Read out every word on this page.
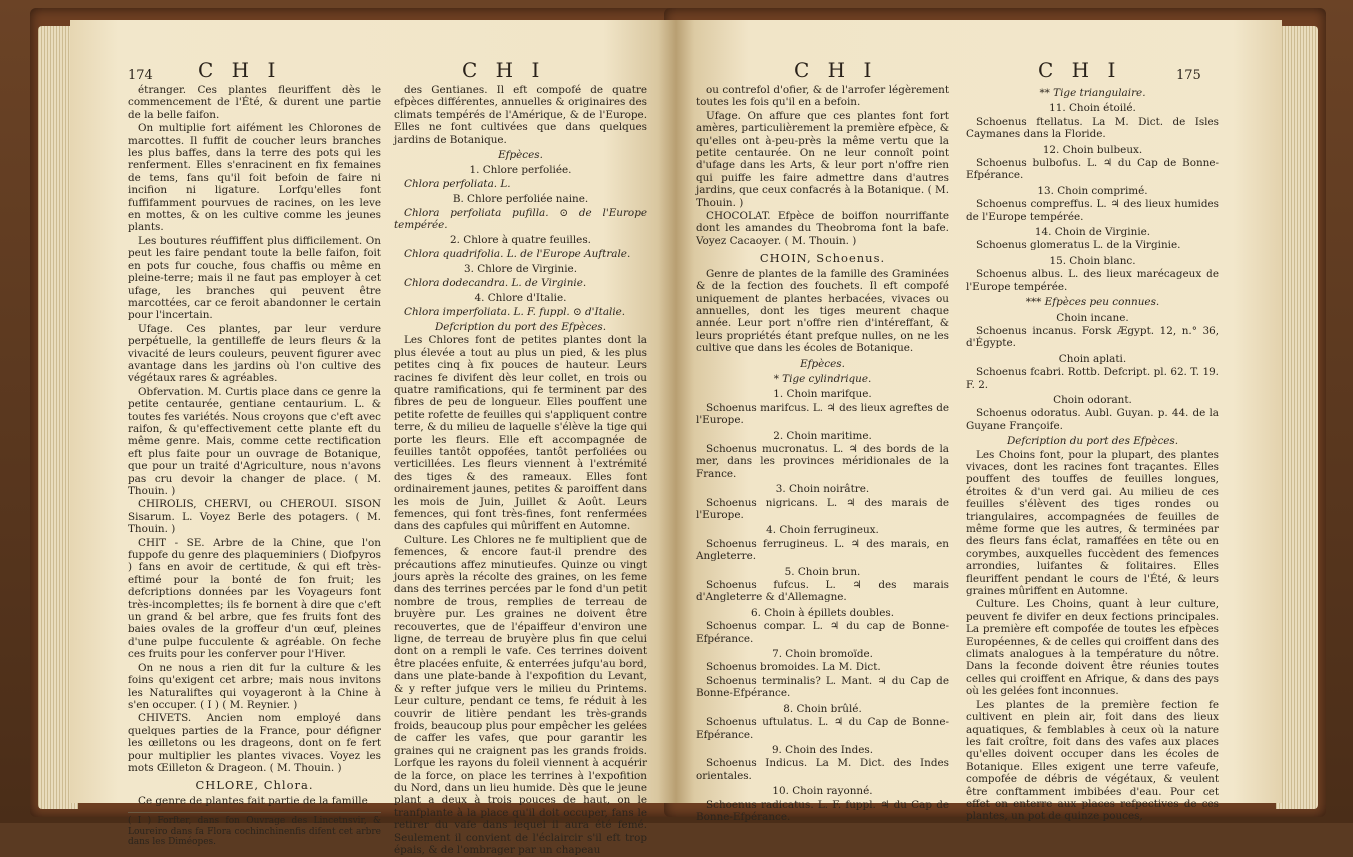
174 C H I	C H I

étranger. Ces plantes fleuriffent dès le commencement de l'Été, & durent une partie de la belle faifon.

On multiplie fort aifément les Chlorones de marcottes. Il fuffit de coucher leurs branches les plus baffes, dans la terre des pots qui les renferment. Elles s'enracinent en fix femaines de tems, fans qu'il foit befoin de faire ni incifion ni ligature. Lorfqu'elles font fuffifamment pourvues de racines, on les leve en mottes, & on les cultive comme les jeunes plants.

Les boutures réuffiffent plus difficilement. On peut les faire pendant toute la belle faifon, foit en pots fur couche, fous chaffis ou même en pleine-terre; mais il ne faut pas employer à cet ufage, les branches qui peuvent être marcottées, car ce feroit abandonner le certain pour l'incertain.

Ufage. Ces plantes, par leur verdure perpétuelle, la gentilleffe de leurs fleurs & la vivacité de leurs couleurs, peuvent figurer avec avantage dans les jardins où l'on cultive des végétaux rares & agréables.

Obfervation. M. Curtis place dans ce genre la petite centaurée, gentiane centaurium. L. & toutes fes variétés. Nous croyons que c'eft avec raifon, & qu'effectivement cette plante eft du même genre. Mais, comme cette rectification eft plus faite pour un ouvrage de Botanique, que pour un traité d'Agriculture, nous n'avons pas cru devoir la changer de place. ( M. Thouin. )

CHIROLIS, CHERVI, ou CHEROUI. SISON Sisarum. L. Voyez Berle des potagers. ( M. Thouin. )

CHIT - SE. Arbre de la Chine, que l'on fuppofe du genre des plaqueminiers ( Diofpyros ) fans en avoir de certitude, & qui eft très- eftimé pour la bonté de fon fruit; les defcriptions données par les Voyageurs font très-incomplettes; ils fe bornent à dire que c'eft un grand & bel arbre, que fes fruits font des baies ovales de la groffeur d'un œuf, pleines d'une pulpe fucculente & agréable. On feche ces fruits pour les conferver pour l'Hiver.

On ne nous a rien dit fur la culture & les foins qu'exigent cet arbre; mais nous invitons les Naturaliftes qui voyageront à la Chine à s'en occuper. ( I ) ( M. Reynier. )

CHIVETS. Ancien nom employé dans quelques parties de la France, pour défigner les œilletons ou les drageons, dont on fe fert pour multiplier les plantes vivaces. Voyez les mots Œilleton & Drageon. ( M. Thouin. )

CHLORE, Chlora.

Ce genre de plantes fait partie de la famille

( I ) Forfter, dans fon Ouvrage des Lincetnsvir, & Loureiro dans fa Flora cochinchinenfis difent cet arbre dans les Diméopes.

des Gentianes. Il eft compofé de quatre efpèces différentes, annuelles & originaires des climats tempérés de l'Amérique, & de l'Europe. Elles ne font cultivées que dans quelques jardins de Botanique.

Efpèces.
1. Chlore perfoliée.

Chlora perfoliata. L.

B. Chlore perfoliée naine.

Chlora perfoliata pufilla. ⊙ de l'Europe tempérée.

2. Chlore à quatre feuilles.

Chlora quadrifolia. L. de l'Europe Auftrale.

3. Chlore de Virginie.

Chlora dodecandra. L. de Virginie.

4. Chlore d'Italie.

Chlora imperfoliata. L. F. fuppl. ⊙ d'Italie.

Defcription du port des Efpèces.

Les Chlores font de petites plantes dont la plus élevée a tout au plus un pied, & les plus petites cinq à fix pouces de hauteur. Leurs racines fe divifent dès leur collet, en trois ou quatre ramifications, qui fe terminent par des fibres de peu de longueur. Elles pouffent une petite rofette de feuilles qui s'appliquent contre terre, & du milieu de laquelle s'élève la tige qui porte les fleurs. Elle eft accompagnée de feuilles tantôt oppofées, tantôt perfoliées ou verticillées. Les fleurs viennent à l'extrémité des tiges & des rameaux. Elles font ordinairement jaunes, petites & paroiffent dans les mois de Juin, Juillet & Août. Leurs femences, qui font très-fines, font renfermées dans des capfules qui mûriffent en Automne.

Culture. Les Chlores ne fe multiplient que de femences, & encore faut-il prendre des précautions affez minutieufes. Quinze ou vingt jours après la récolte des graines, on les feme dans des terrines percées par le fond d'un petit nombre de trous, remplies de terreau de bruyère pur. Les graines ne doivent être recouvertes, que de l'épaiffeur d'environ une ligne, de terreau de bruyère plus fin que celui dont on a rempli le vafe. Ces terrines doivent être placées enfuite, & enterrées jufqu'au bord, dans une plate-bande à l'expofition du Levant, & y refter jufque vers le milieu du Printems. Leur culture, pendant ce tems, fe réduit à les couvrir de litière pendant les très-grands froids, beaucoup plus pour empêcher les gelées de caffer les vafes, que pour garantir les graines qui ne craignent pas les grands froids. Lorfque les rayons du foleil viennent à acquérir de la force, on place les terrines à l'expofition du Nord, dans un lieu humide. Dès que le jeune plant a deux à trois pouces de haut, on le tranfplante à la place qu'il doit occuper, fans le retirer du vafe dans lequel il aura été femé. Seulement il convient de l'éclaircir s'il eft trop épais, & de l'ombrager par un chapeau

C H I	C H I	175

ou contrefol d'ofier, & de l'arrofer légèrement toutes les fois qu'il en a befoin.

Ufage. On affure que ces plantes font fort amères, particulièrement la première efpèce, & qu'elles ont à-peu-près la même vertu que la petite centaurée. On ne leur connoît point d'ufage dans les Arts, & leur port n'offre rien qui puiffe les faire admettre dans d'autres jardins, que ceux confacrés à la Botanique. ( M. Thouin. )

CHOCOLAT. Efpèce de boiffon nourriffante dont les amandes du Theobroma font la bafe. Voyez Cacaoyer. ( M. Thouin. )

CHOIN, Schoenus.

Genre de plantes de la famille des Graminées & de la fection des fouchets. Il eft compofé uniquement de plantes herbacées, vivaces ou annuelles, dont les tiges meurent chaque année. Leur port n'offre rien d'intéreffant, & leurs propriétés étant prefque nulles, on ne les cultive que dans les écoles de Botanique.

Efpèces.
* Tige cylindrique.
1. Choin marifque.

Schoenus marifcus. L. ♃ des lieux agreftes de l'Europe.

2. Choin maritime.

Schoenus mucronatus. L. ♃ des bords de la mer, dans les provinces méridionales de la France.

3. Choin noirâtre.

Schoenus nigricans. L. ♃ des marais de l'Europe.

4. Choin ferrugineux.

Schoenus ferrugineus. L. ♃ des marais, en Angleterre.

5. Choin brun.

Schoenus fufcus. L. ♃ des marais d'Angleterre & d'Allemagne.

6. Choin à épillets doubles.

Schoenus compar. L. ♃ du cap de Bonne-Efpérance.

7. Choin bromoïde.

Schoenus bromoides. La M. Dict.

Schoenus terminalis? L. Mant. ♃ du Cap de Bonne-Efpérance.

8. Choin brûlé.

Schoenus uftulatus. L. ♃ du Cap de Bonne-Efpérance.

9. Choin des Indes.

Schoenus Indicus. La M. Dict. des Indes orientales.

10. Choin rayonné.

Schoenus radicatus. L. F. fuppl. ♃ du Cap de Bonne-Efpérance.

** Tige triangulaire.
11. Choin étoilé.

Schoenus ftellatus. La M. Dict. de Isles Caymanes dans la Floride.

12. Choin bulbeux.

Schoenus bulbofus. L. ♃ du Cap de Bonne-Efpérance.

13. Choin comprimé.

Schoenus compreffus. L. ♃ des lieux humides de l'Europe tempérée.

14. Choin de Virginie.

Schoenus glomeratus L. de la Virginie.

15. Choin blanc.

Schoenus albus. L. des lieux marécageux de l'Europe tempérée.

*** Efpèces peu connues.
Choin incane.

Schoenus incanus. Forsk Ægypt. 12, n.° 36, d'Égypte.

Choin aplati.

Schoenus fcabri. Rottb. Defcript. pl. 62. T. 19. F. 2.

Choin odorant.

Schoenus odoratus. Aubl. Guyan. p. 44. de la Guyane Françoife.

Defcription du port des Efpèces.

Les Choins font, pour la plupart, des plantes vivaces, dont les racines font traçantes. Elles pouffent des touffes de feuilles longues, étroites & d'un verd gai. Au milieu de ces feuilles s'élèvent des tiges rondes ou triangulaires, accompagnées de feuilles de même forme que les autres, & terminées par des fleurs fans éclat, ramaffées en tête ou en corymbes, auxquelles fuccèdent des femences arrondies, luifantes & folitaires. Elles fleuriffent pendant le cours de l'Été, & leurs graines mûriffent en Automne.

Culture. Les Choins, quant à leur culture, peuvent fe divifer en deux fections principales. La première eft compofée de toutes les efpèces Européennes, & de celles qui croiffent dans des climats analogues à la température du nôtre. Dans la feconde doivent être réunies toutes celles qui croiffent en Afrique, & dans des pays où les gelées font inconnues.

Les plantes de la première fection fe cultivent en plein air, foit dans des lieux aquatiques, & femblables à ceux où la nature les fait croître, foit dans des vafes aux places qu'elles doivent occuper dans les écoles de Botanique. Elles exigent une terre vafeufe, compofée de débris de végétaux, & veulent être conftamment imbibées d'eau. Pour cet effet on enterre aux places refpectives de ces plantes, un pot de quinze pouces,
